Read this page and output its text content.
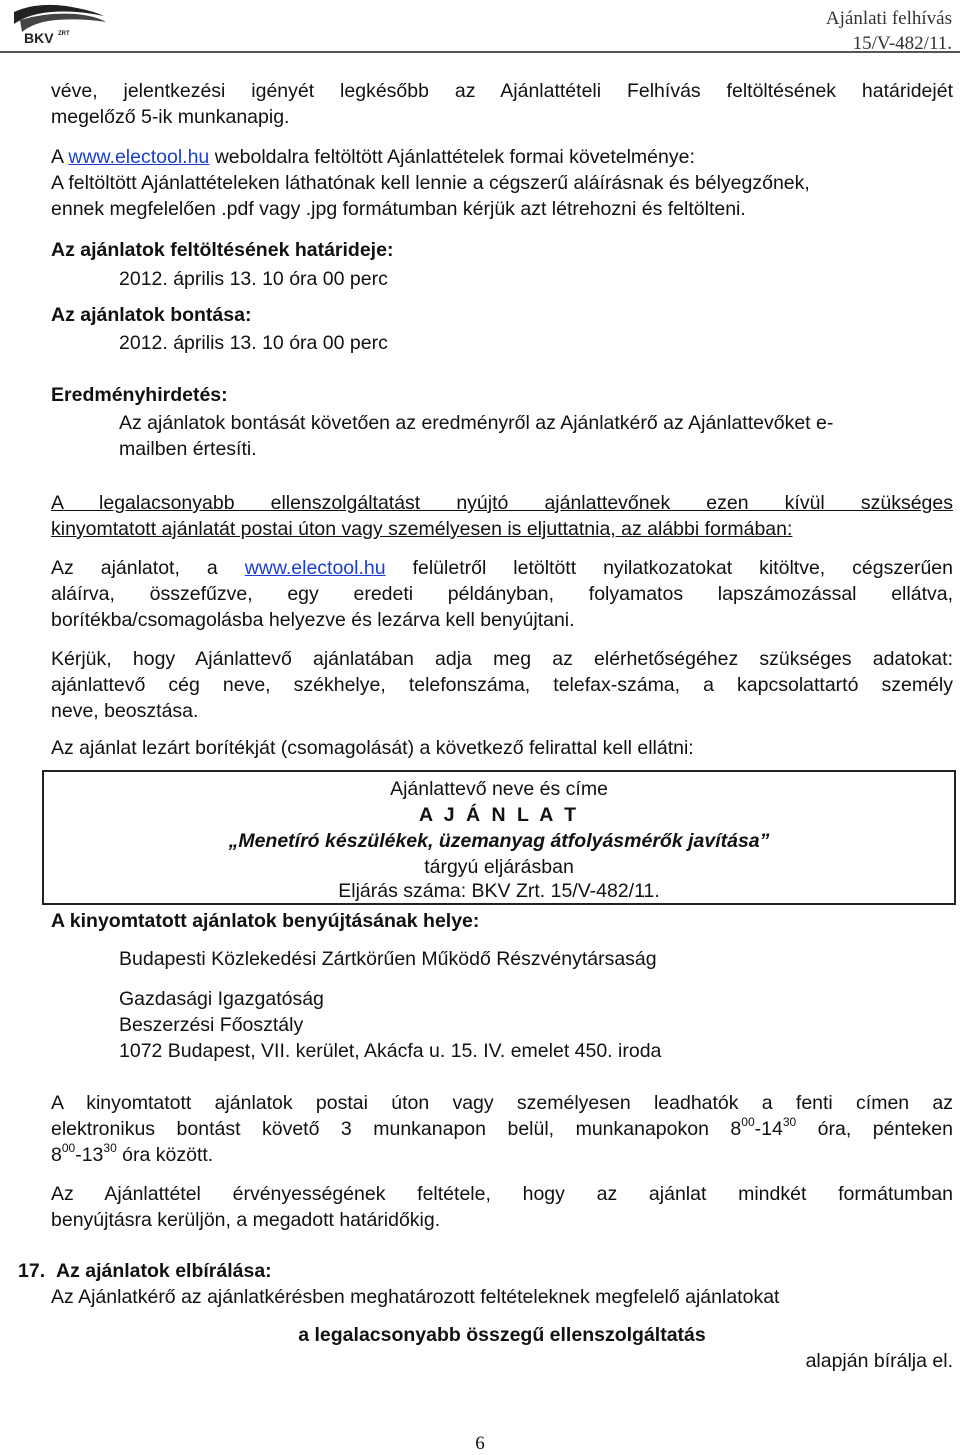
BKV ZRT
Ajánlati felhívás
15/V-482/11.
véve, jelentkezési igényét legkésőbb az Ajánlattételi Felhívás feltöltésének határidejét
megelőző 5-ik munkanapig.
A www.electool.hu weboldalra feltöltött Ajánlattételek formai követelménye:
A feltöltött Ajánlattételeken láthatónak kell lennie a cégszerű aláírásnak és bélyegzőnek,
ennek megfelelően .pdf vagy .jpg formátumban kérjük azt létrehozni és feltölteni.
Az ajánlatok feltöltésének határideje:
2012. április 13. 10 óra 00 perc
Az ajánlatok bontása:
2012. április 13. 10 óra 00 perc
Eredményhirdetés:
Az ajánlatok bontását követően az eredményről az Ajánlatkérő az Ajánlattevőket e-
mailben értesíti.
A legalacsonyabb ellenszolgáltatást nyújtó ajánlattevőnek ezen kívül szükséges
kinyomtatott ajánlatát postai úton vagy személyesen is eljuttatnia, az alábbi formában:
Az ajánlatot, a www.electool.hu felületről letöltött nyilatkozatokat kitöltve, cégszerűen
aláírva, összefűzve, egy eredeti példányban, folyamatos lapszámozással ellátva,
borítékba/csomagolásba helyezve és lezárva kell benyújtani.
Kérjük, hogy Ajánlattevő ajánlatában adja meg az elérhetőségéhez szükséges adatokat:
ajánlattevő cég neve, székhelye, telefonszáma, telefax-száma, a kapcsolattartó személy
neve, beosztása.
Az ajánlat lezárt borítékját (csomagolását) a következő felirattal kell ellátni:
Ajánlattevő neve és címe
A J Á N L A T
„Menetíró készülékek, üzemanyag átfolyásmérők javítása”
tárgyú eljárásban
Eljárás száma: BKV Zrt. 15/V-482/11.
A kinyomtatott ajánlatok benyújtásának helye:
Budapesti Közlekedési Zártkörűen Működő Részvénytársaság
Gazdasági Igazgatóság
Beszerzési Főosztály
1072 Budapest, VII. kerület, Akácfa u. 15. IV. emelet 450. iroda
A kinyomtatott ajánlatok postai úton vagy személyesen leadhatók a fenti címen az
elektronikus bontást követő 3 munkanapon belül, munkanapokon $8^{00}-14^{30}$ óra, pénteken
$8^{00}-13^{30}$ óra között.
Az Ajánlattétel érvényességének feltétele, hogy az ajánlat mindkét formátumban
benyújtásra kerüljön, a megadott határidőkig.
17. Az ajánlatok elbírálása:
Az Ajánlatkérő az ajánlatkérésben meghatározott feltételeknek megfelelő ajánlatokat
a legalacsonyabb összegű ellenszolgáltatás
alapján bírálja el.
6
